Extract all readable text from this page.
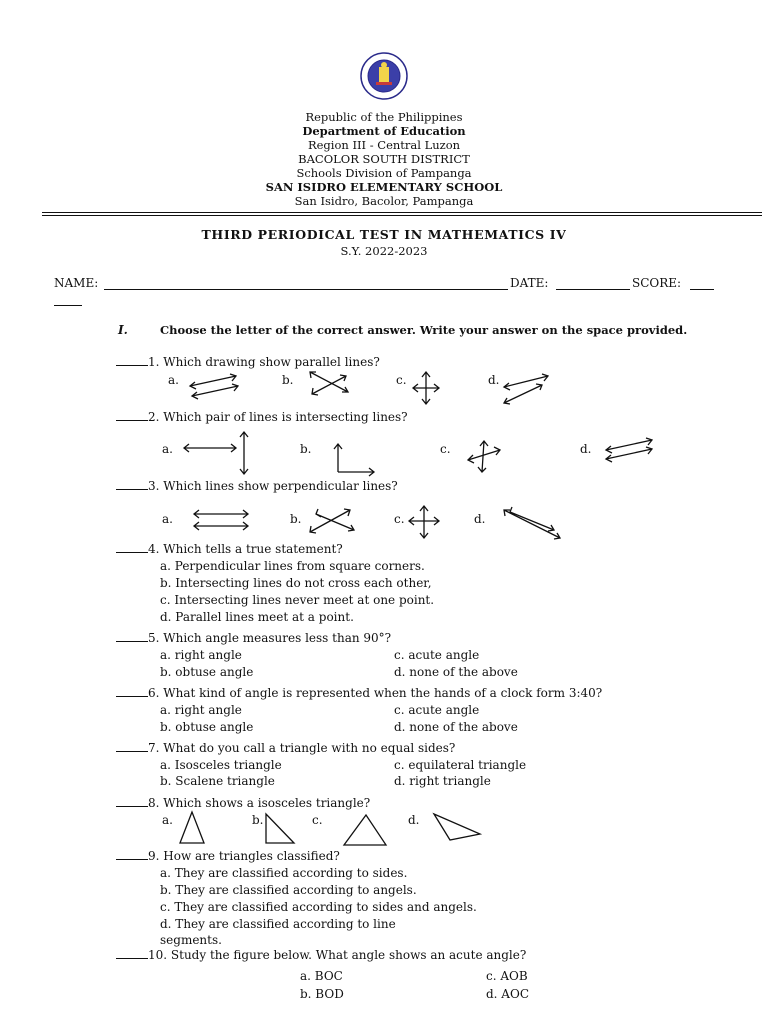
Republic of the Philippines
Department of Education
Region III - Central Luzon
BACOLOR SOUTH DISTRICT
Schools Division of Pampanga
SAN ISIDRO ELEMENTARY SCHOOL
San Isidro, Bacolor, Pampanga
THIRD PERIODICAL TEST IN MATHEMATICS IV
S.Y. 2022-2023
NAME:	DATE:	SCORE:
I.	Choose the letter of the correct answer. Write your answer on the space provided.
1. Which drawing show parallel lines?
a.	b.	c.	d.
2. Which pair of lines is intersecting lines?
a.	b.	c.	d.
3. Which lines show perpendicular lines?
a.	b.	c.	d.
4. Which tells a true statement?
a. Perpendicular lines from square corners.
b. Intersecting lines do not cross each other,
c. Intersecting lines never meet at one point.
d. Parallel lines meet at a point.
5. Which angle measures less than 90°?
a. right angle	c. acute angle
b. obtuse angle	d. none of the above
6. What kind of angle is represented when the hands of a clock form 3:40?
a. right angle	c. acute angle
b. obtuse angle	d. none of the above
7. What do you call a triangle with no equal sides?
a. Isosceles triangle	c. equilateral triangle
b. Scalene triangle	d. right triangle
8. Which shows a isosceles triangle?
a.	b.	c.	d.
9. How are triangles classified?
a. They are classified according to sides.
b. They are classified according to angels.
c. They are classified according to sides and angels.
d. They are classified according to line
segments.
10. Study the figure below. What angle shows an acute angle?
a. BOC	c. AOB
b. BOD	d. AOC
